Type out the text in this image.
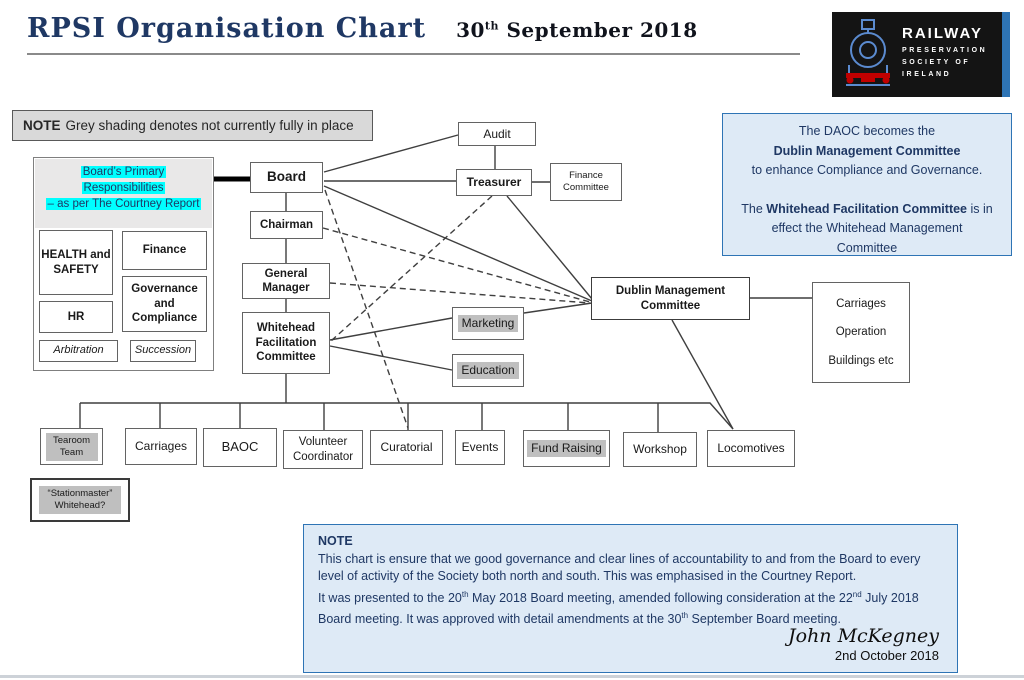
RPSI Organisation Chart 30th September 2018	RAILWAY
PRESERVATION
SOCIETY OF
IRELAND
NOTE Grey shading denotes not currently fully in place
Board’s Primary
Responsibilities
– as per The Courtney Report
HEALTH and SAFETY
Finance
Governance and Compliance
HR
Arbitration	Succession
Board
Chairman
General Manager
Whitehead Facilitation Committee
Audit
Treasurer	Finance Committee
Marketing
Education
Dublin Management Committee	Carriages
Operation
Buildings etc
The DAOC becomes the
Dublin Management Committee
to enhance Compliance and Governance.
The Whitehead Facilitation Committee is in
effect the Whitehead Management
Committee
Tearoom Team	Carriages	BAOC	Volunteer Coordinator
Curatorial	Events	Fund Raising	Workshop	Locomotives
“Stationmaster” Whitehead?
NOTE
This chart is ensure that we good governance and clear lines of accountability to and from the Board to every level of activity of the Society both north and south. This was emphasised in the Courtney Report.
It was presented to the 20th May 2018 Board meeting, amended following consideration at the 22nd July 2018 Board meeting. It was approved with detail amendments at the 30th September Board meeting.
John McKegney
2nd October 2018
